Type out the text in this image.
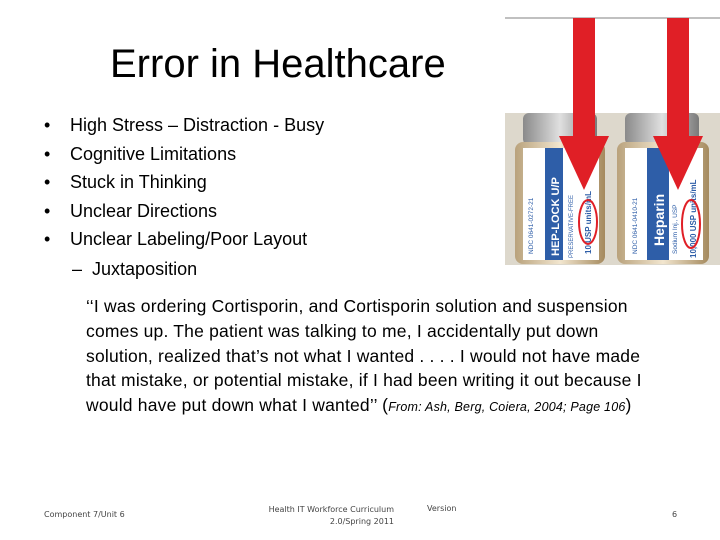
Error in Healthcare
• High Stress – Distraction - Busy
• Cognitive Limitations
• Stuck in Thinking
• Unclear Directions
• Unclear Labeling/Poor Layout
– Juxtaposition
‘‘I was ordering Cortisporin, and Cortisporin solution and suspension comes up. The patient was talking to me, I accidentally put down solution, realized that’s not what I wanted . . . . I would not have made that mistake, or potential mistake, if I had been writing it out because I would have put down what I wanted’’ (From: Ash, Berg, Coiera, 2004; Page 106)
NDC 0641-0272-21 HEP-LOCK U/P PRESERVATIVE-FREE 10 USP units/mL	NDC 0641-0410-21 Heparin Sodium Inj., USP 10,000 USP units/mL
Component 7/Unit 6
Health IT Workforce Curriculum
2.0/Spring 2011
Version
6
